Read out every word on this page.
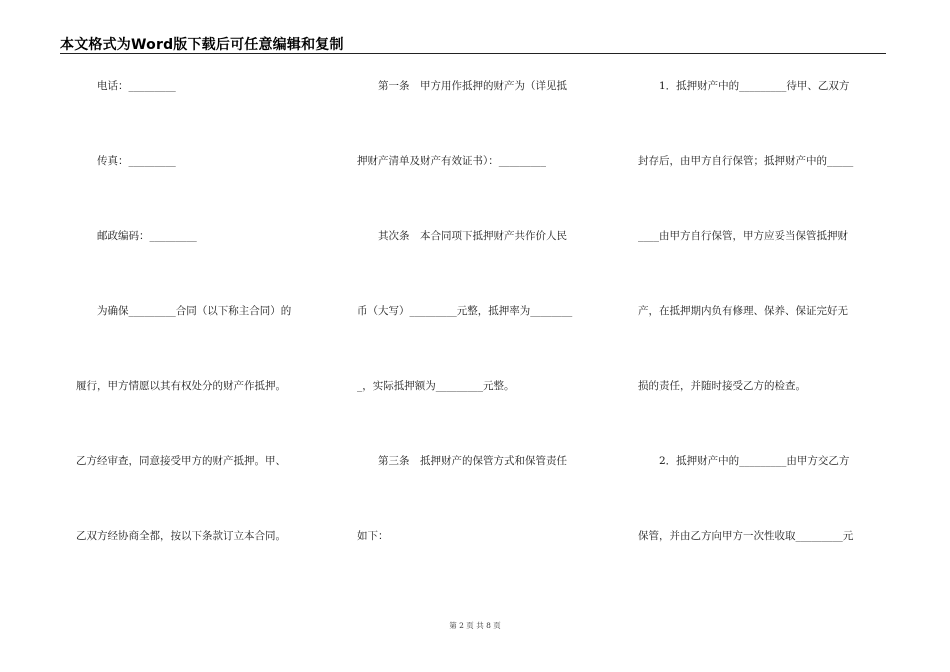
本文格式为Word版下载后可任意编辑和复制
　　电话：_________
　　传真：_________
　　邮政编码：_________
　　为确保_________合同（以下称主合同）的
履行，甲方情愿以其有权处分的财产作抵押。
乙方经审查，同意接受甲方的财产抵押。甲、
乙双方经协商全都，按以下条款订立本合同。
　　第一条　甲方用作抵押的财产为（详见抵
押财产清单及财产有效证书）：_________
　　其次条　本合同项下抵押财产共作价人民
币（大写）_________元整，抵押率为________
_，实际抵押额为_________元整。
　　第三条　抵押财产的保管方式和保管责任
如下：
　　1．抵押财产中的_________待甲、乙双方
封存后，由甲方自行保管；抵押财产中的_____
____由甲方自行保管，甲方应妥当保管抵押财
产，在抵押期内负有修理、保养、保证完好无
损的责任，并随时接受乙方的检查。
　　2．抵押财产中的_________由甲方交乙方
保管，并由乙方向甲方一次性收取_________元
第 2 页 共 8 页
